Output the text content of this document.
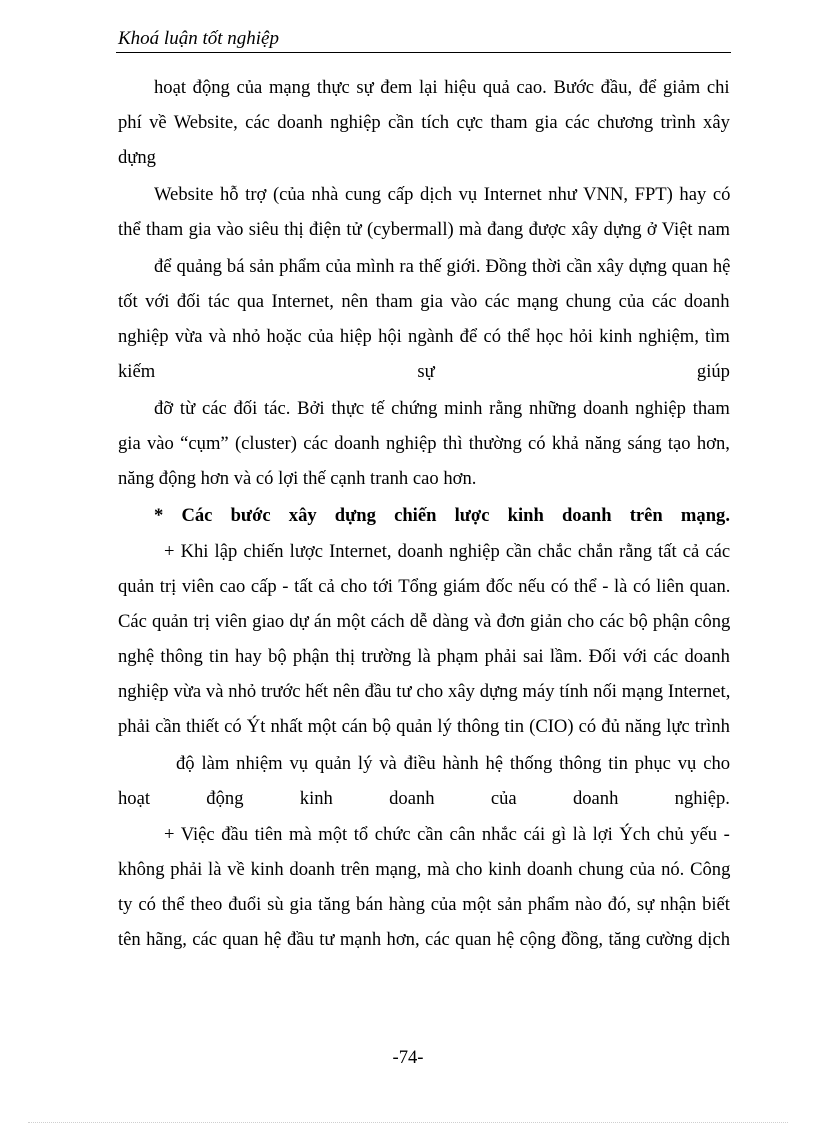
Khoá luận tốt nghiệp
hoạt động của mạng thực sự đem lại hiệu quả cao. Bước đầu, để giảm chi
phí về Website, các doanh nghiệp cần tích cực tham gia các chương trình xây
dựng
Website hỗ trợ (của nhà cung cấp dịch vụ Internet như VNN, FPT) hay có
thể tham gia vào siêu thị điện tử (cybermall) mà đang được xây dựng ở Việt nam
để quảng bá sản phẩm của mình ra thế giới. Đồng thời cần xây dựng quan hệ
tốt với đối tác qua Internet, nên tham gia vào các mạng chung của các doanh
nghiệp vừa và nhỏ hoặc của hiệp hội ngành để có thể học hỏi kinh nghiệm, tìm
kiếm	sự	giúp
đỡ từ các đối tác. Bởi thực tế chứng minh rằng những doanh nghiệp tham
gia vào “cụm” (cluster) các doanh nghiệp thì thường có khả năng sáng tạo hơn,
năng động hơn và có lợi thế cạnh tranh cao hơn.
* Các bước xây dựng chiến lược kinh doanh trên mạng.
+ Khi lập chiến lược Internet, doanh nghiệp cần chắc chắn rằng tất cả các
quản trị viên cao cấp - tất cả cho tới Tổng giám đốc nếu có thể - là có liên quan.
Các quản trị viên giao dự án một cách dễ dàng và đơn giản cho các bộ phận công
nghệ thông tin hay bộ phận thị trường là phạm phải sai lầm. Đối với các doanh
nghiệp vừa và nhỏ trước hết nên đầu tư cho xây dựng máy tính nối mạng Internet,
phải cần thiết có Ýt nhất một cán bộ quản lý thông tin (CIO) có đủ năng lực trình
độ làm nhiệm vụ quản lý và điều hành hệ thống thông tin phục vụ cho
hoạt	động	kinh	doanh	của	doanh	nghiệp.
+ Việc đầu tiên mà một tổ chức cần cân nhắc cái gì là lợi Ých chủ yếu -
không phải là về kinh doanh trên mạng, mà cho kinh doanh chung của nó. Công
ty có thể theo đuổi sù gia tăng bán hàng của một sản phẩm nào đó, sự nhận biết
tên hãng, các quan hệ đầu tư mạnh hơn, các quan hệ cộng đồng, tăng cường dịch
-74-
